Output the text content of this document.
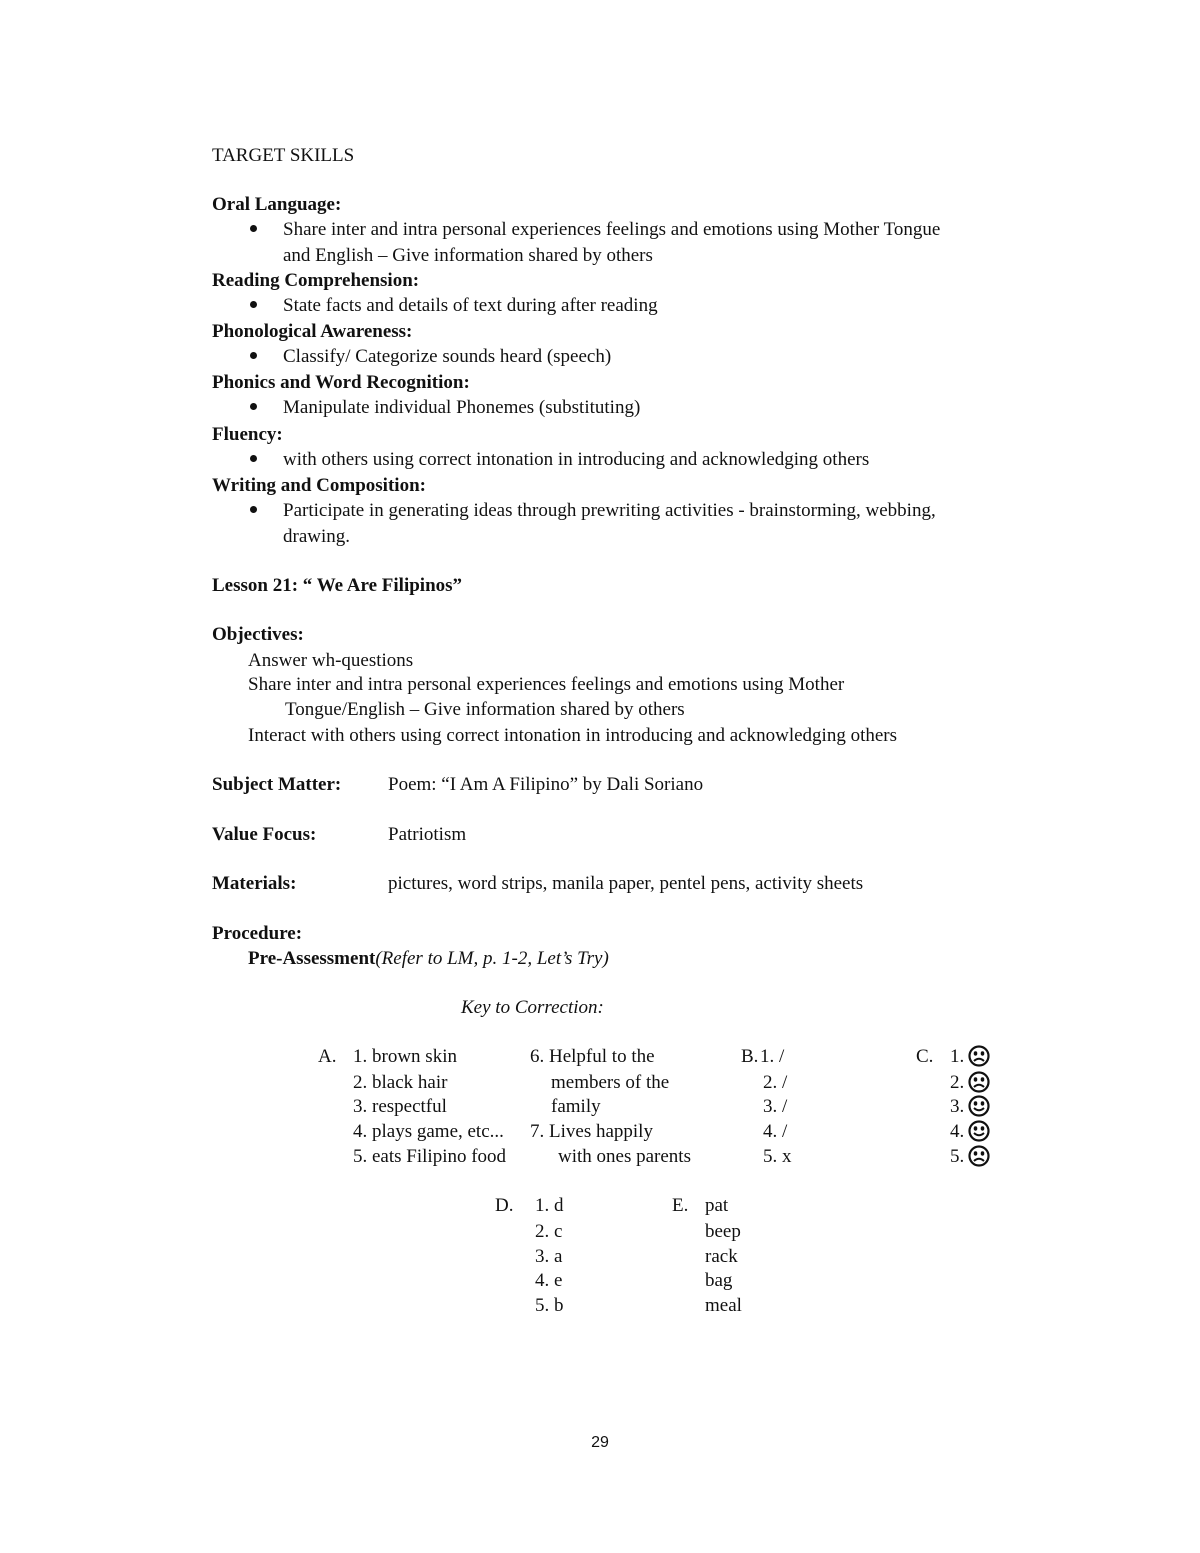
TARGET SKILLS
Oral Language:
Share inter and intra personal experiences feelings and emotions using Mother Tongue
and English – Give information shared by others
Reading Comprehension:
State facts and details of text during after reading
Phonological Awareness:
Classify/ Categorize sounds heard (speech)
Phonics and Word Recognition:
Manipulate individual Phonemes (substituting)
Fluency:
with others using correct intonation in introducing and acknowledging others
Writing and Composition:
Participate in generating ideas through prewriting activities - brainstorming, webbing,
drawing.
Lesson 21: “ We Are Filipinos”
Objectives:
Answer wh-questions
Share inter and intra personal experiences feelings and emotions using Mother
Tongue/English – Give information shared by others
Interact with others using correct intonation in introducing and acknowledging others
Subject Matter: Poem: “I Am A Filipino” by Dali Soriano
Value Focus:	Patriotism
Materials:	pictures, word strips, manila paper, pentel pens, activity sheets
Procedure:
Pre-Assessment(Refer to LM, p. 1-2, Let’s Try)
Key to Correction:
A. 1. brown skin
2. black hair
3. respectful
4. plays game, etc...
5. eats Filipino food
6. Helpful to the
members of the
family
7. Lives happily
with ones parents
B. 1. /
2. /
3. /
4. /
5. x
C. 1.
2.
3.
4.
5.
D. 1. d
2. c
3. a
4. e
5. b
E. pat
beep
rack
bag
meal
29
